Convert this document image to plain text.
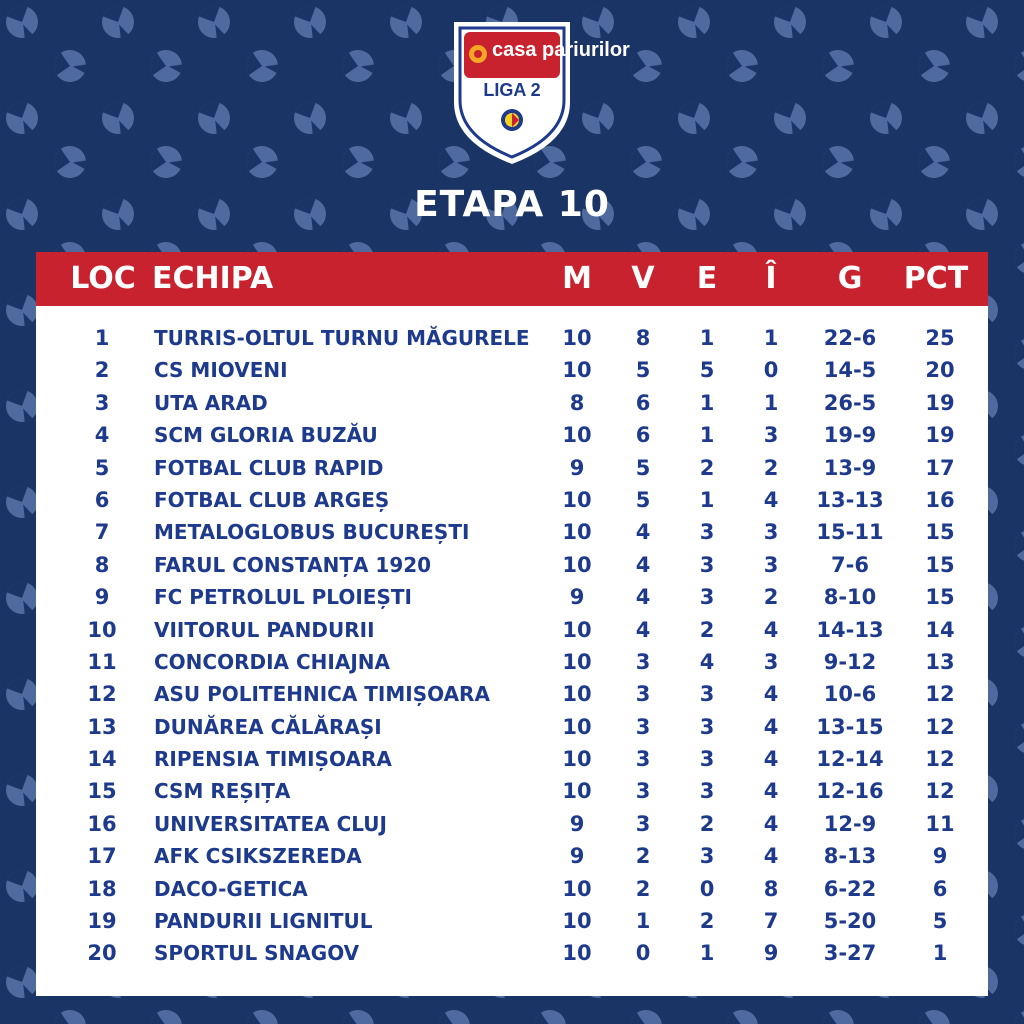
casa pariurilor
LIGA 2
ETAPA 10
LOC ECHIPA	M	V	E	Î	G	PCT
1	TURRIS-OLTUL TURNU MĂGURELE	10	8	1	1	22-6	25
2	CS MIOVENI	10	5	5	0	14-5	20
3	UTA ARAD	8	6	1	1	26-5	19
4	SCM GLORIA BUZĂU	10	6	1	3	19-9	19
5	FOTBAL CLUB RAPID	9	5	2	2	13-9	17
6	FOTBAL CLUB ARGEȘ	10	5	1	4	13-13	16
7	METALOGLOBUS BUCUREȘTI	10	4	3	3	15-11	15
8	FARUL CONSTANȚA 1920	10	4	3	3	7-6	15
9	FC PETROLUL PLOIEȘTI	9	4	3	2	8-10	15
10	VIITORUL PANDURII	10	4	2	4	14-13	14
11	CONCORDIA CHIAJNA	10	3	4	3	9-12	13
12	ASU POLITEHNICA TIMIȘOARA	10	3	3	4	10-6	12
13	DUNĂREA CĂLĂRAȘI	10	3	3	4	13-15	12
14	RIPENSIA TIMIȘOARA	10	3	3	4	12-14	12
15	CSM REȘIȚA	10	3	3	4	12-16	12
16	UNIVERSITATEA CLUJ	9	3	2	4	12-9	11
17	AFK CSIKSZEREDA	9	2	3	4	8-13	9
18	DACO-GETICA	10	2	0	8	6-22	6
19	PANDURII LIGNITUL	10	1	2	7	5-20	5
20	SPORTUL SNAGOV	10	0	1	9	3-27	1
